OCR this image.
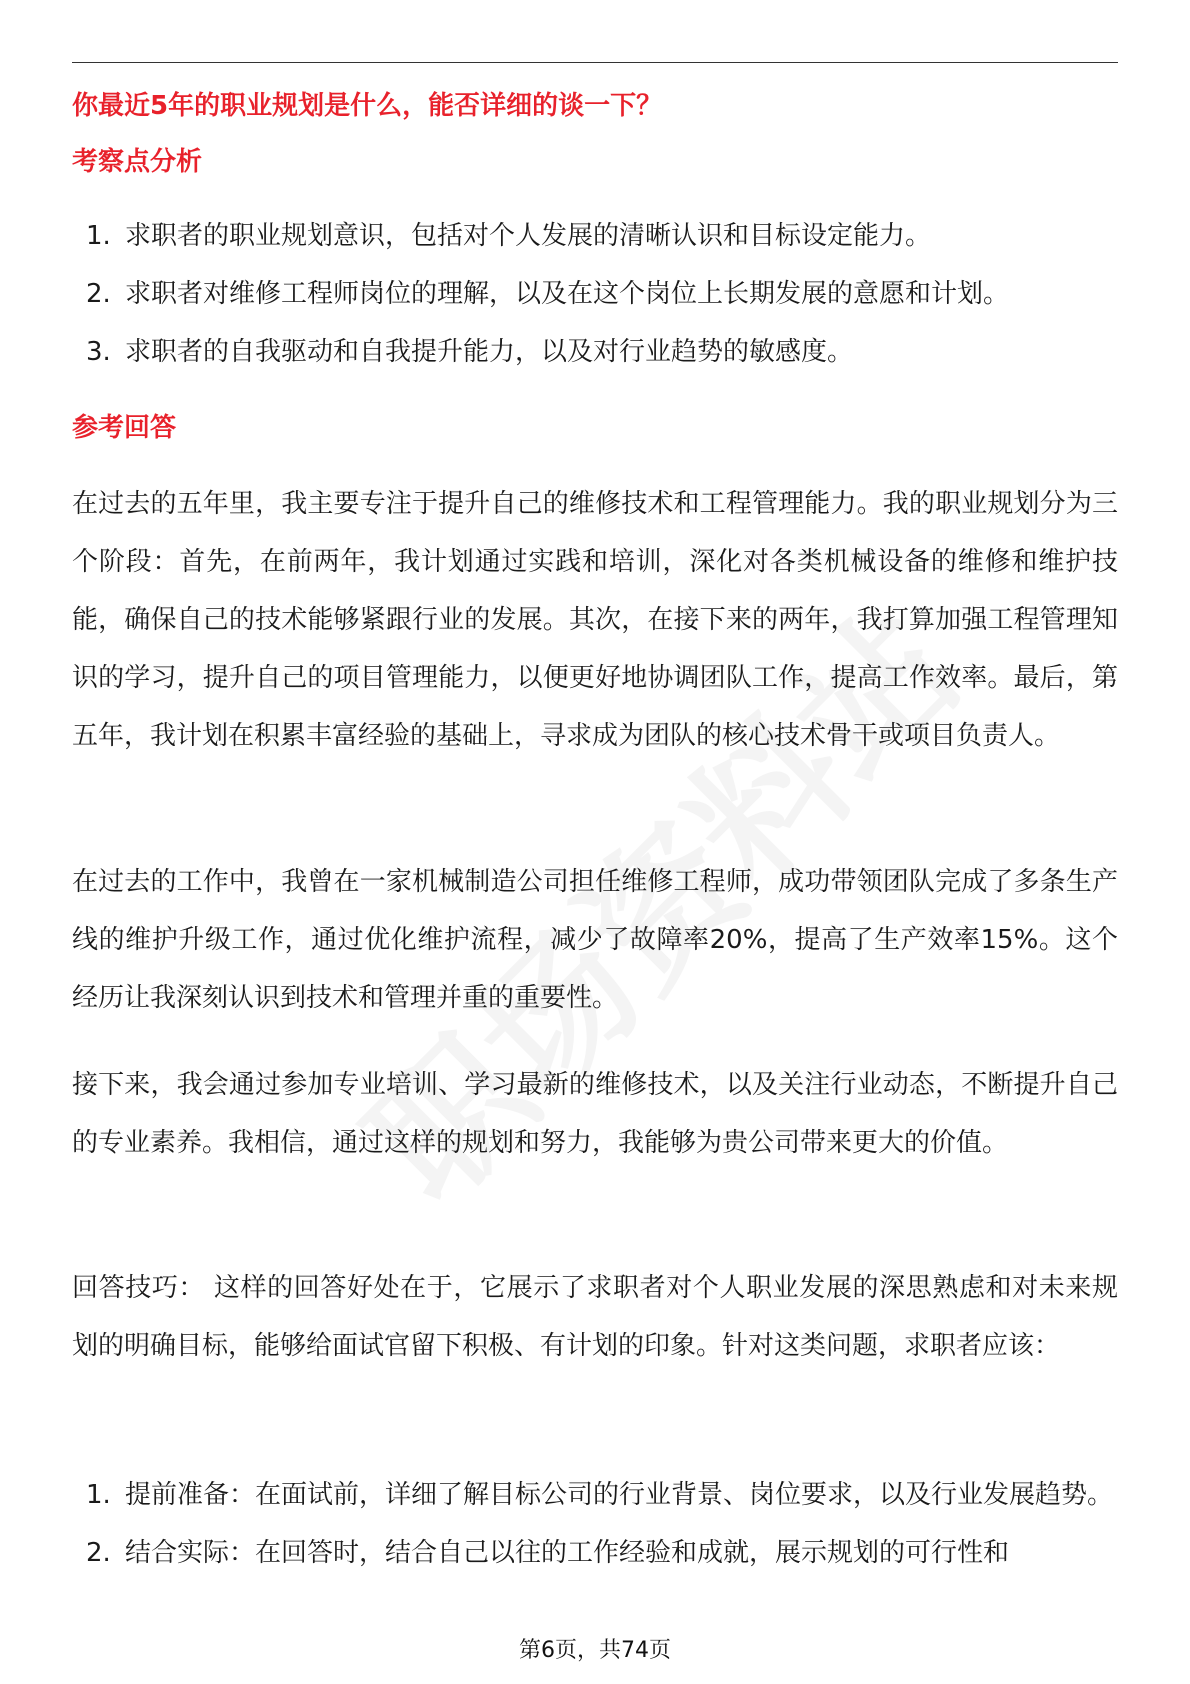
你最近5年的职业规划是什么，能否详细的谈一下？
考察点分析
1. 求职者的职业规划意识，包括对个人发展的清晰认识和目标设定能力。
2. 求职者对维修工程师岗位的理解，以及在这个岗位上长期发展的意愿和计划。
3. 求职者的自我驱动和自我提升能力，以及对行业趋势的敏感度。
参考回答

在过去的五年里，我主要专注于提升自己的维修技术和工程管理能力。我的职业规划分为三个阶段：首先，在前两年，我计划通过实践和培训，深化对各类机械设备的维修和维护技能，确保自己的技术能够紧跟行业的发展。其次，在接下来的两年，我打算加强工程管理知识的学习，提升自己的项目管理能力，以便更好地协调团队工作，提高工作效率。最后，第五年，我计划在积累丰富经验的基础上，寻求成为团队的核心技术骨干或项目负责人。

在过去的工作中，我曾在一家机械制造公司担任维修工程师，成功带领团队完成了多条生产线的维护升级工作，通过优化维护流程，减少了故障率20%，提高了生产效率15%。这个经历让我深刻认识到技术和管理并重的重要性。

接下来，我会通过参加专业培训、学习最新的维修技术，以及关注行业动态，不断提升自己的专业素养。我相信，通过这样的规划和努力，我能够为贵公司带来更大的价值。

回答技巧： 这样的回答好处在于，它展示了求职者对个人职业发展的深思熟虑和对未来规划的明确目标，能够给面试官留下积极、有计划的印象。针对这类问题，求职者应该：

1. 提前准备：在面试前，详细了解目标公司的行业背景、岗位要求，以及行业发展趋势。
2. 结合实际：在回答时，结合自己以往的工作经验和成就，展示规划的可行性和
第6页，共74页
